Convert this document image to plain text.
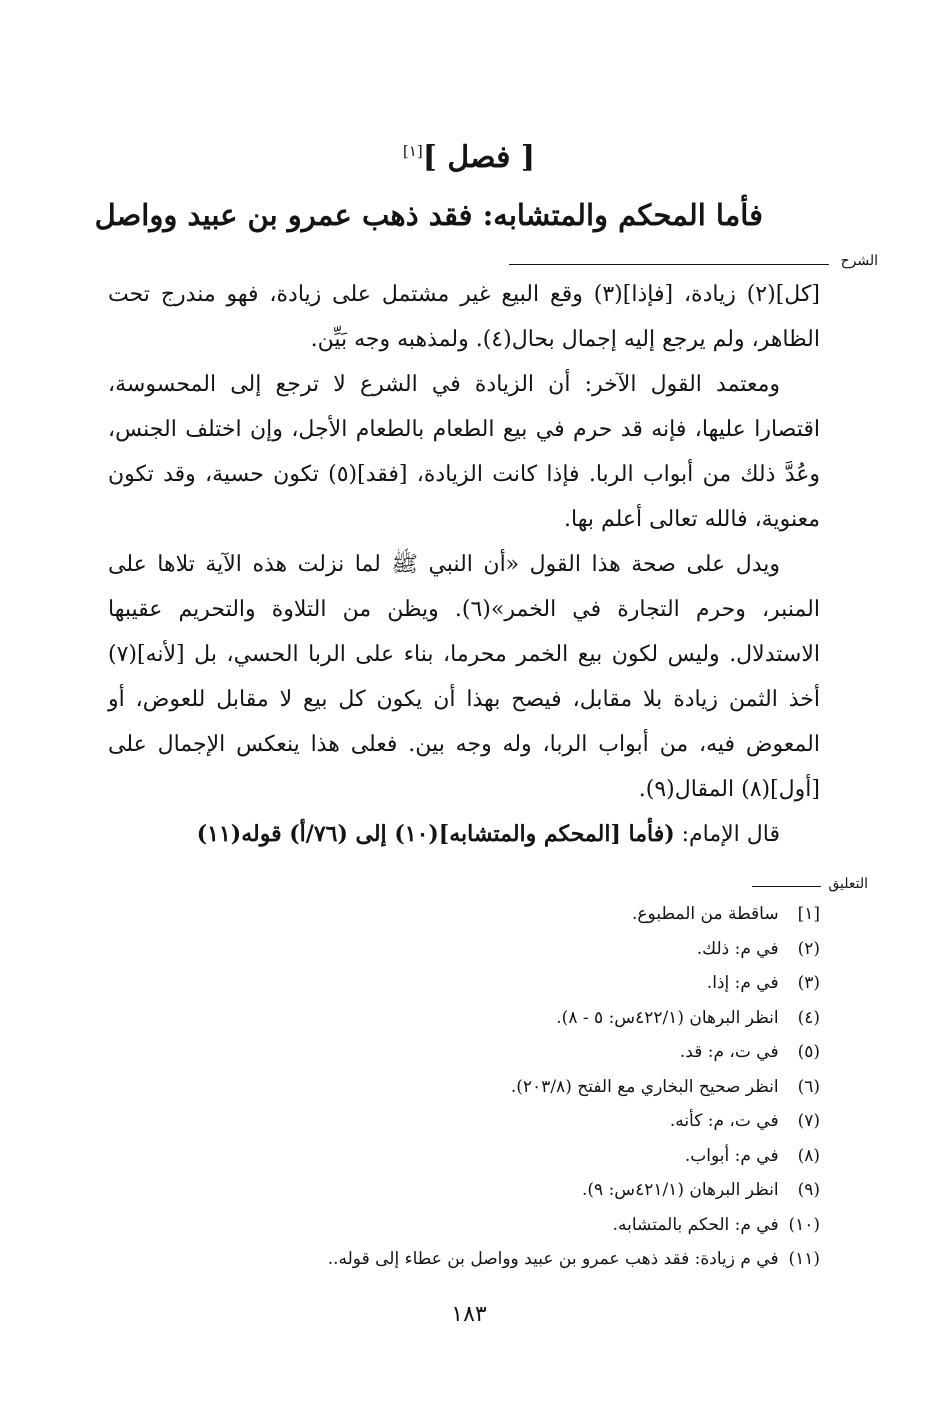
[ فصل ][١]
فأما المحكم والمتشابه: فقد ذهب عمرو بن عبيد وواصل
الشرح

[كل](٢) زيادة، [فإذا](٣) وقع البيع غير مشتمل على زيادة، فهو مندرج تحت الظاهر، ولم يرجع إليه إجمال بحال(٤). ولمذهبه وجه بَيِّن.

ومعتمد القول الآخر: أن الزيادة في الشرع لا ترجع إلى المحسوسة، اقتصارا عليها، فإنه قد حرم في بيع الطعام بالطعام الأجل، وإن اختلف الجنس، وعُدَّ ذلك من أبواب الربا. فإذا كانت الزيادة، [فقد](٥) تكون حسية، وقد تكون معنوية، فالله تعالى أعلم بها.

ويدل على صحة هذا القول «أن النبي ﷺ لما نزلت هذه الآية تلاها على المنبر، وحرم التجارة في الخمر»(٦). ويظن من التلاوة والتحريم عقيبها الاستدلال. وليس لكون بيع الخمر محرما، بناء على الربا الحسي، بل [لأنه](٧) أخذ الثمن زيادة بلا مقابل، فيصح بهذا أن يكون كل بيع لا مقابل للعوض، أو المعوض فيه، من أبواب الربا، وله وجه بين. فعلى هذا ينعكس الإجمال على [أول](٨) المقال(٩).

قال الإمام: (فأما [المحكم والمتشابه](١٠) إلى (٧٦/أ) قوله(١١)

التعليق
[١] ساقطة من المطبوع.
(٢) في م: ذلك.
(٣) في م: إذا.
(٤) انظر البرهان (٤٢٢/١س: ٥ - ٨).
(٥) في ت، م: قد.
(٦) انظر صحيح البخاري مع الفتح (٢٠٣/٨).
(٧) في ت، م: كأنه.
(٨) في م: أبواب.
(٩) انظر البرهان (٤٢١/١س: ٩).
(١٠) في م: الحكم بالمتشابه.
(١١) في م زيادة: فقد ذهب عمرو بن عبيد وواصل بن عطاء إلى قوله..
١٨٣
